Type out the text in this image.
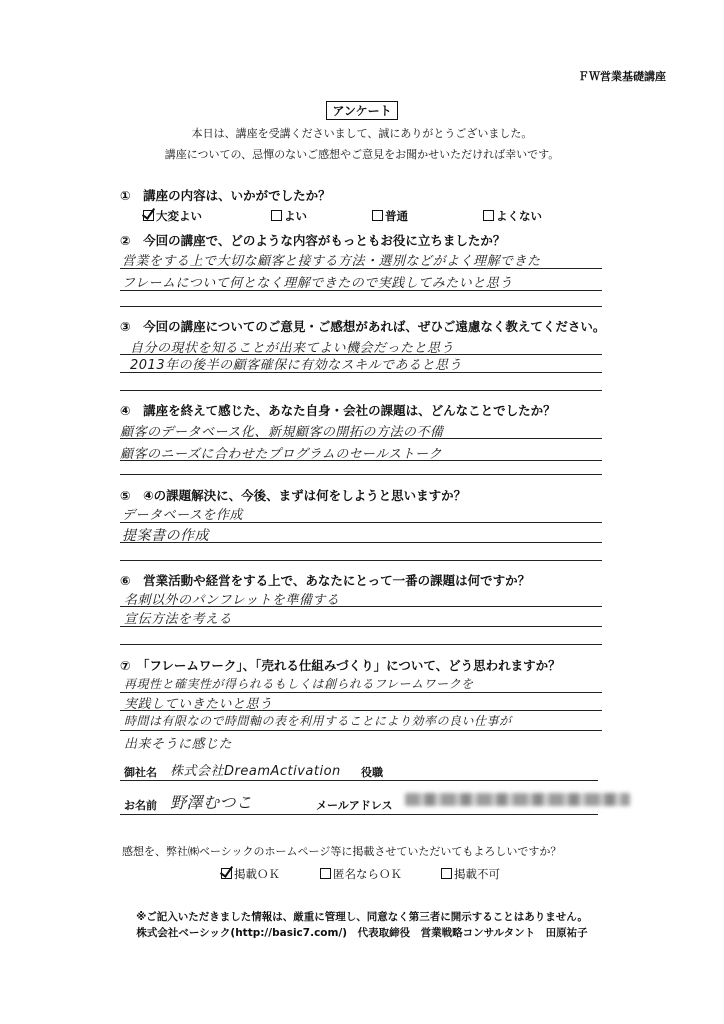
ＦＷ営業基礎講座
アンケート
本日は、講座を受講くださいまして、誠にありがとうございました。
講座についての、忌憚のないご感想やご意見をお聞かせいただければ幸いです。
①　講座の内容は、いかがでしたか？
大変よい	よい	普通	よくない
②　今回の講座で、どのような内容がもっともお役に立ちましたか？
営業をする上で大切な顧客と接する方法・選別などがよく理解できた
フレームについて何となく理解できたので実践してみたいと思う
③　今回の講座についてのご意見・ご感想があれば、ぜひご遠慮なく教えてください。
自分の現状を知ることが出来てよい機会だったと思う
2013年の後半の顧客確保に有効なスキルであると思う
④　講座を終えて感じた、あなた自身・会社の課題は、どんなことでしたか？
顧客のデータベース化、新規顧客の開拓の方法の不備
顧客のニーズに合わせたプログラムのセールストーク
⑤　④の課題解決に、今後、まずは何をしようと思いますか？
データベースを作成
提案書の作成
⑥　営業活動や経営をする上で、あなたにとって一番の課題は何ですか？
名刺以外のパンフレットを準備する
宣伝方法を考える
⑦　「フレームワーク」、「売れる仕組みづくり」について、どう思われますか？
再現性と確実性が得られるもしくは創られるフレームワークを
実践していきたいと思う
時間は有限なので時間軸の表を利用することにより効率の良い仕事が
出来そうに感じた
御社名 株式会社DreamActivation 役職
お名前 野澤むつこ	メールアドレス
感想を、弊社㈱ベーシックのホームページ等に掲載させていただいてもよろしいですか？
掲載ＯＫ	匿名ならＯＫ	掲載不可
※ご記入いただきました情報は、厳重に管理し、同意なく第三者に開示することはありません。
株式会社ベーシック(http://basic7.com/)　代表取締役　営業戦略コンサルタント　田原祐子
